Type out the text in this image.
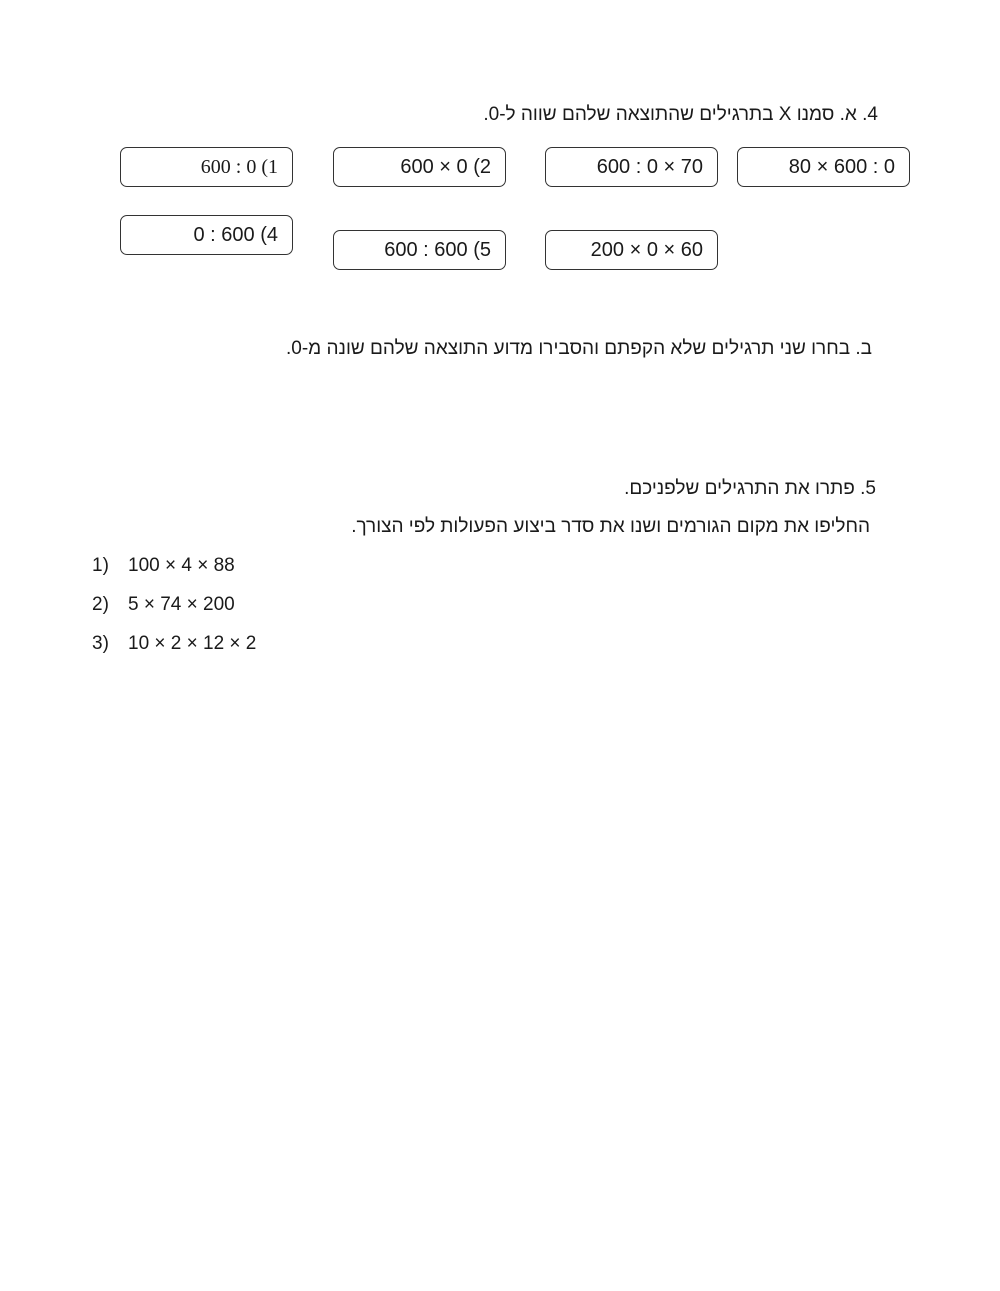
4. א. סמנו X בתרגילים שהתוצאה שלהם שווה ל-0.
1) 0 : 600	2) 0 × 600	70 × 0 : 600	0 : 600 × 80
4) 600 : 0
5) 600 : 600	60 × 0 × 200
ב. בחרו שני תרגילים שלא הקפתם והסבירו מדוע התוצאה שלהם שונה מ-0.
5. פתרו את התרגילים שלפניכם.
החליפו את מקום הגורמים ושנו את סדר ביצוע הפעולות לפי הצורך.
1) 100 × 4 × 88
2) 5 × 74 × 200
3) 10 × 2 × 12 × 2
